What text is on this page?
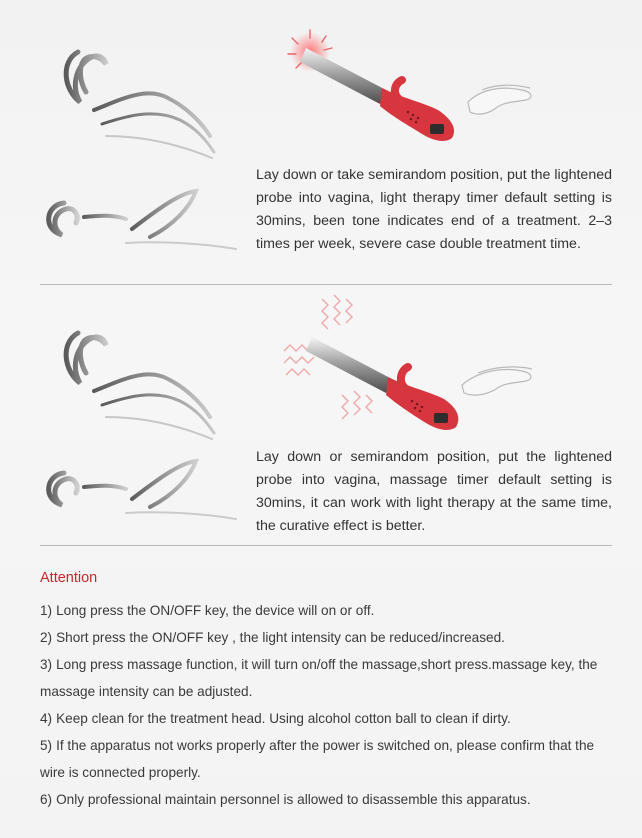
Lay down or take semirandom position, put the lightened probe into vagina, light therapy timer default setting is 30mins, been tone indicates end of a treatment. 2–3 times per week, severe case double treatment time.

Lay down or semirandom position, put the lightened probe into vagina, massage timer default setting is 30mins, it can work with light therapy at the same time, the curative effect is better.

Attention
1) Long press the ON/OFF key, the device will on or off.
2) Short press the ON/OFF key , the light intensity can be reduced/increased.
3) Long press massage function, it will turn on/off the massage,short press.massage key, the massage intensity can be adjusted.
4) Keep clean for the treatment head. Using alcohol cotton ball to clean if dirty.
5) If the apparatus not works properly after the power is switched on, please confirm that the wire is connected properly.
6) Only professional maintain personnel is allowed to disassemble this apparatus.
